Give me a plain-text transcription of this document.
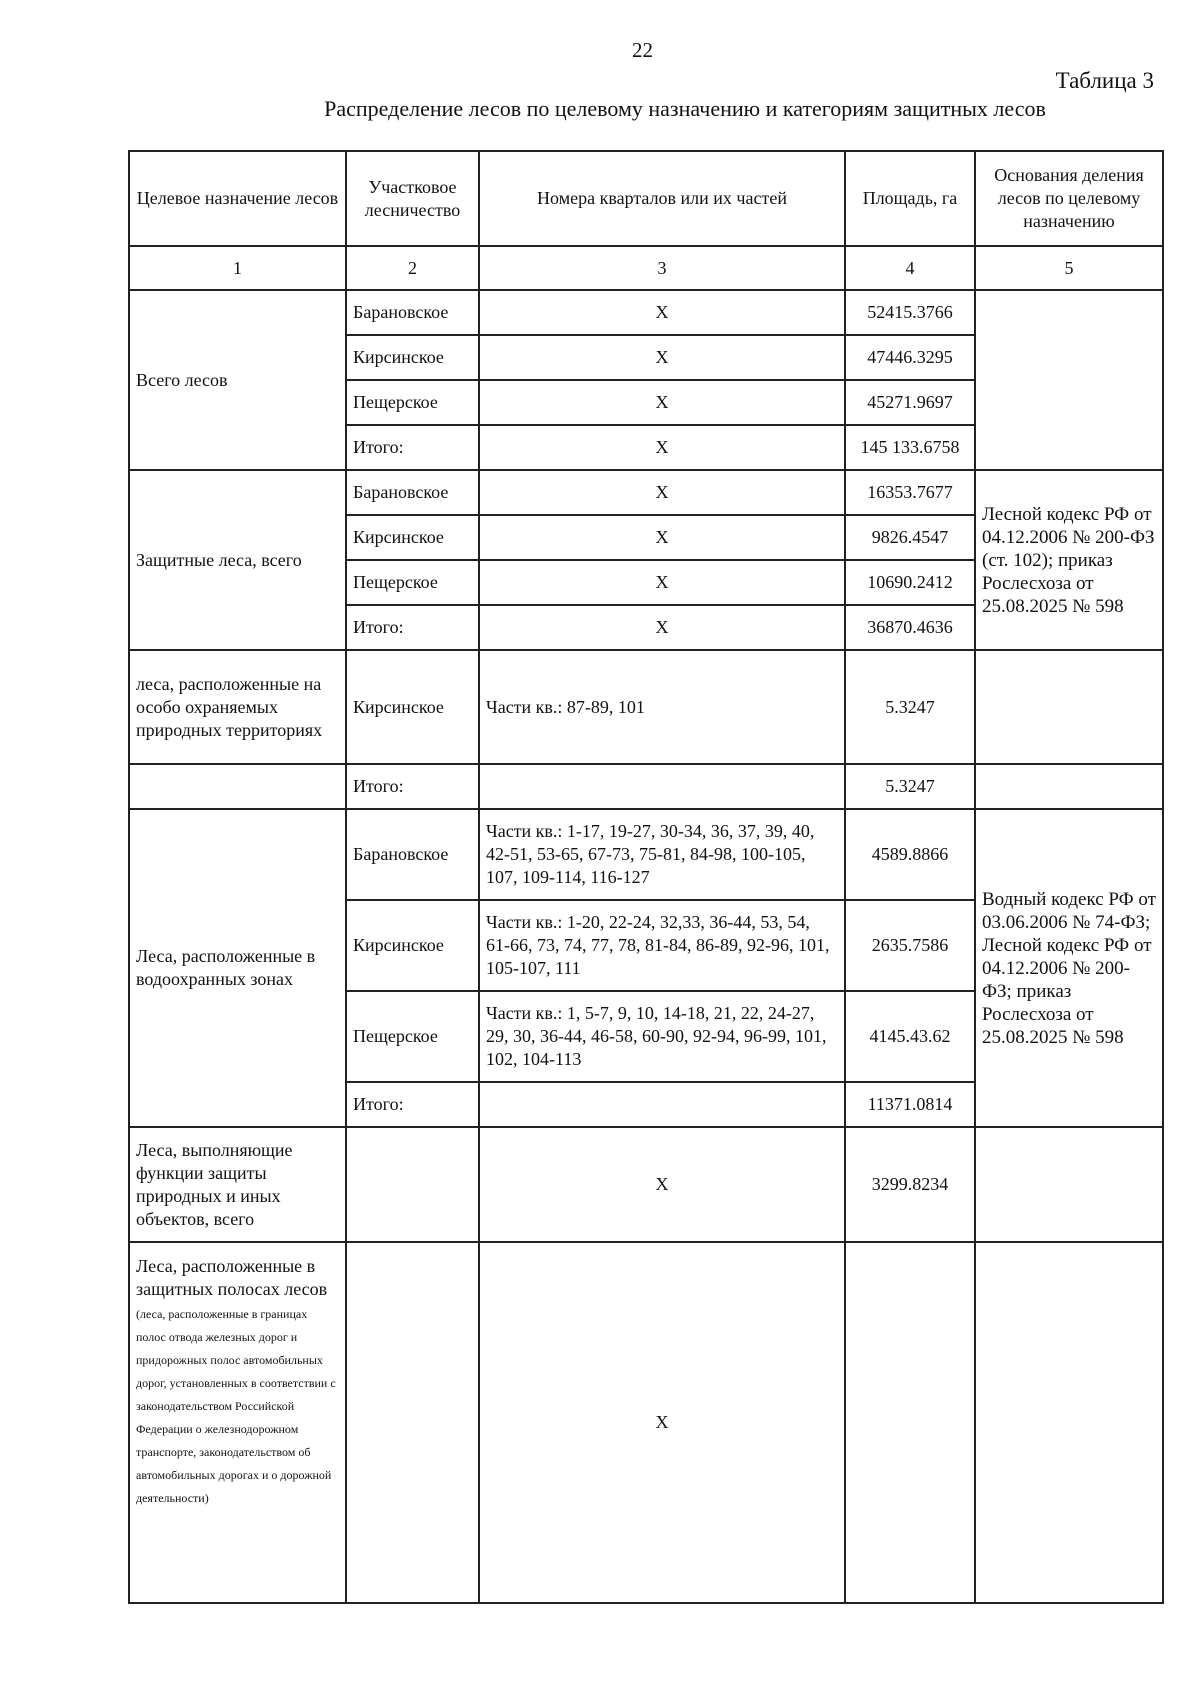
22
Таблица 3
Распределение лесов по целевому назначению и категориям защитных лесов
Целевое назначение лесов	Участковое лесничество	Номера кварталов или их частей	Площадь, га	Основания деления лесов по целевому назначению
1	2	3	4	5
Всего лесов	Барановское	Х	52415.3766	
	Кирсинское	Х	47446.3295	
	Пещерское	Х	45271.9697	
	Итого:	Х	145 133.6758	
Защитные леса, всего	Барановское	Х	16353.7677	Лесной кодекс РФ от 04.12.2006 № 200-ФЗ (ст. 102); приказ Рослесхоза от 25.08.2025 № 598
	Кирсинское	Х	9826.4547	
	Пещерское	Х	10690.2412	
	Итого:	Х	36870.4636	
леса, расположенные на особо охраняемых природных территориях	Кирсинское	Части кв.: 87-89, 101	5.3247	
	Итого:		5.3247	
Леса, расположенные в водоохранных зонах	Барановское	Части кв.: 1-17, 19-27, 30-34, 36, 37, 39, 40, 42-51, 53-65, 67-73, 75-81, 84-98, 100-105, 107, 109-114, 116-127	4589.8866	Водный кодекс РФ от 03.06.2006 № 74-ФЗ; Лесной кодекс РФ от 04.12.2006 № 200-ФЗ; приказ Рослесхоза от 25.08.2025 № 598
	Кирсинское	Части кв.: 1-20, 22-24, 32,33, 36-44, 53, 54, 61-66, 73, 74, 77, 78, 81-84, 86-89, 92-96, 101, 105-107, 111	2635.7586	
	Пещерское	Части кв.: 1, 5-7, 9, 10, 14-18, 21, 22, 24-27, 29, 30, 36-44, 46-58, 60-90, 92-94, 96-99, 101, 102, 104-113	4145.43.62	
	Итого:		11371.0814	
Леса, выполняющие функции защиты природных и иных объектов, всего		Х	3299.8234	
Леса, расположенные в защитных полосах лесов (леса, расположенные в границах полос отвода железных дорог и придорожных полос автомобильных дорог, установленных в соответствии с законодательством Российской Федерации о железнодорожном транспорте, законодательством об автомобильных дорогах и о дорожной деятельности)		Х		
